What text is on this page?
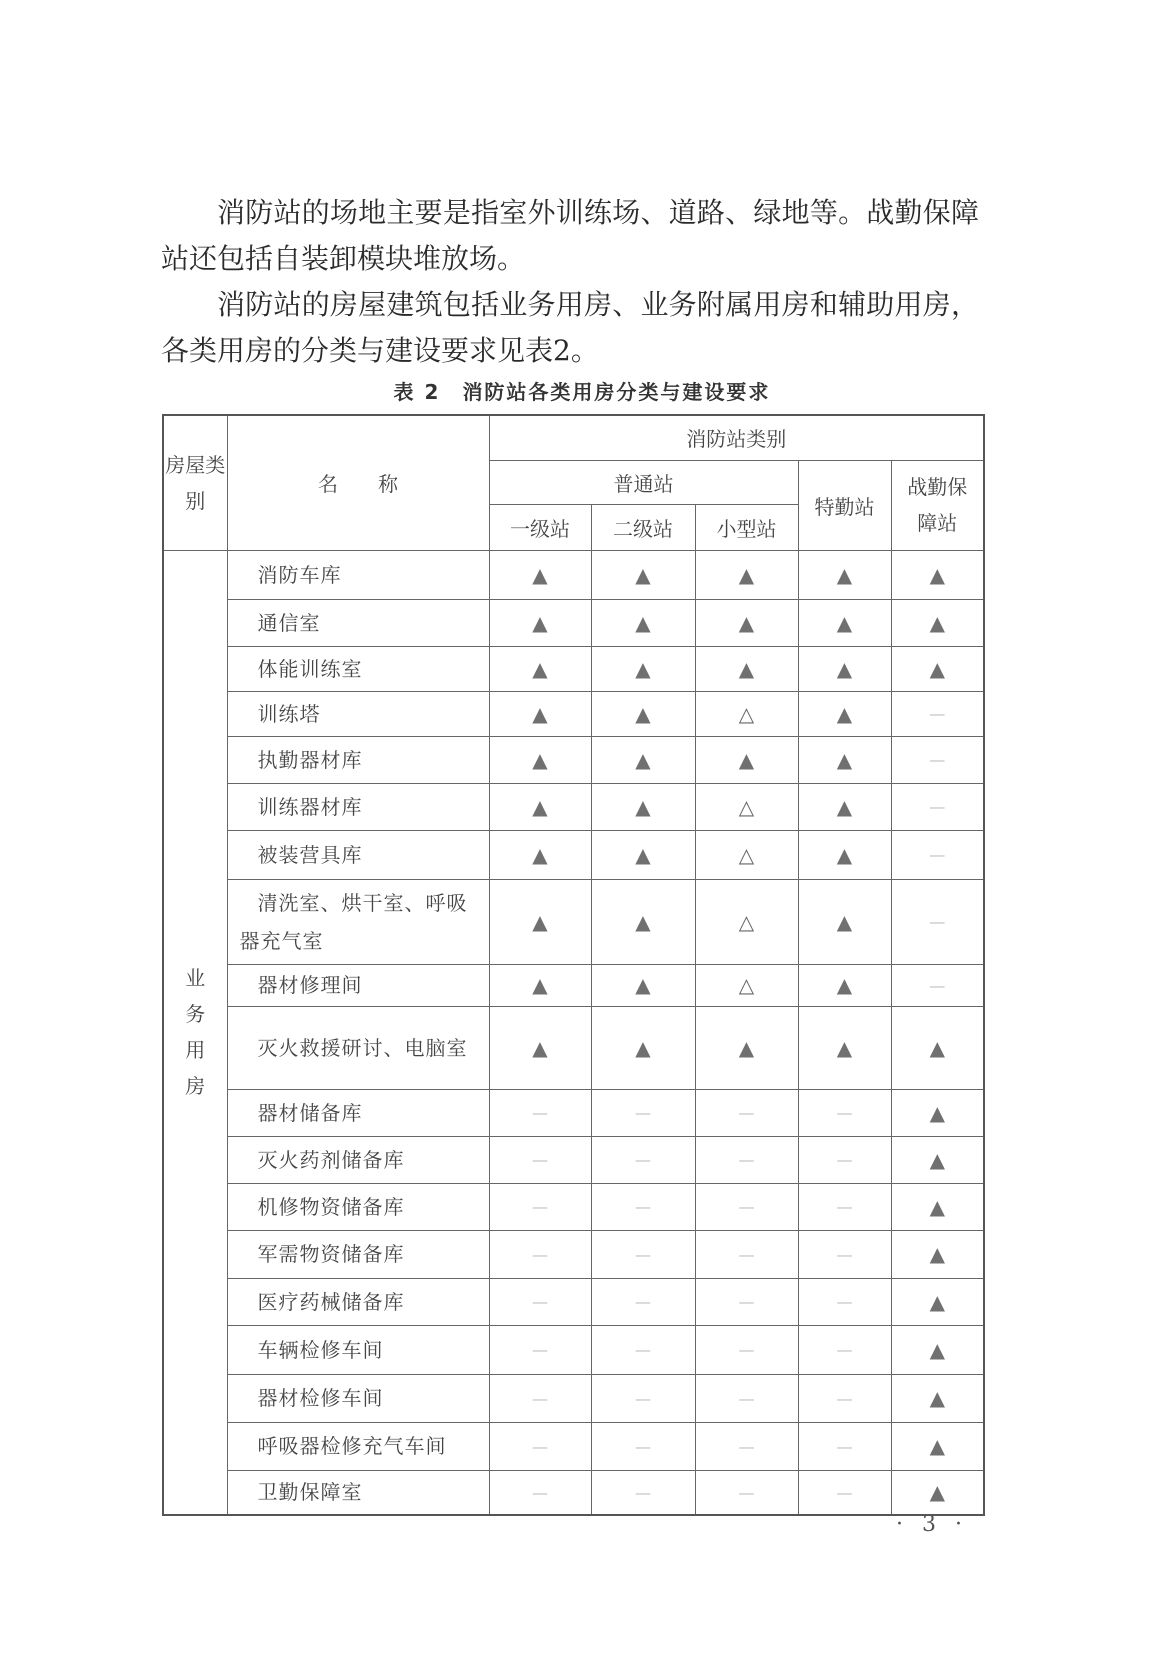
消防站的场地主要是指室外训练场、道路、绿地等。战勤保障站还包括自装卸模块堆放场。

消防站的房屋建筑包括业务用房、业务附属用房和辅助用房，各类用房的分类与建设要求见表2。

表 2 消防站各类用房分类与建设要求
房屋类别	名　　称	消防站类别				
		普通站			特勤站	战勤保障站
		一级站	二级站	小型站		
业务用房	消防车库	▲	▲	▲	▲	▲
	通信室	▲	▲	▲	▲	▲
	体能训练室	▲	▲	▲	▲	▲
	训练塔	▲	▲	△	▲	—
	执勤器材库	▲	▲	▲	▲	—
	训练器材库	▲	▲	△	▲	—
	被装营具库	▲	▲	△	▲	—
	清洗室、烘干室、呼吸器充气室	▲	▲	△	▲	—
	器材修理间	▲	▲	△	▲	—
	灭火救援研讨、电脑室	▲	▲	▲	▲	▲
	器材储备库	—	—	—	—	▲
	灭火药剂储备库	—	—	—	—	▲
	机修物资储备库	—	—	—	—	▲
	军需物资储备库	—	—	—	—	▲
	医疗药械储备库	—	—	—	—	▲
	车辆检修车间	—	—	—	—	▲
	器材检修车间	—	—	—	—	▲
	呼吸器检修充气车间	—	—	—	—	▲
	卫勤保障室	—	—	—	—	▲
· 3 ·
